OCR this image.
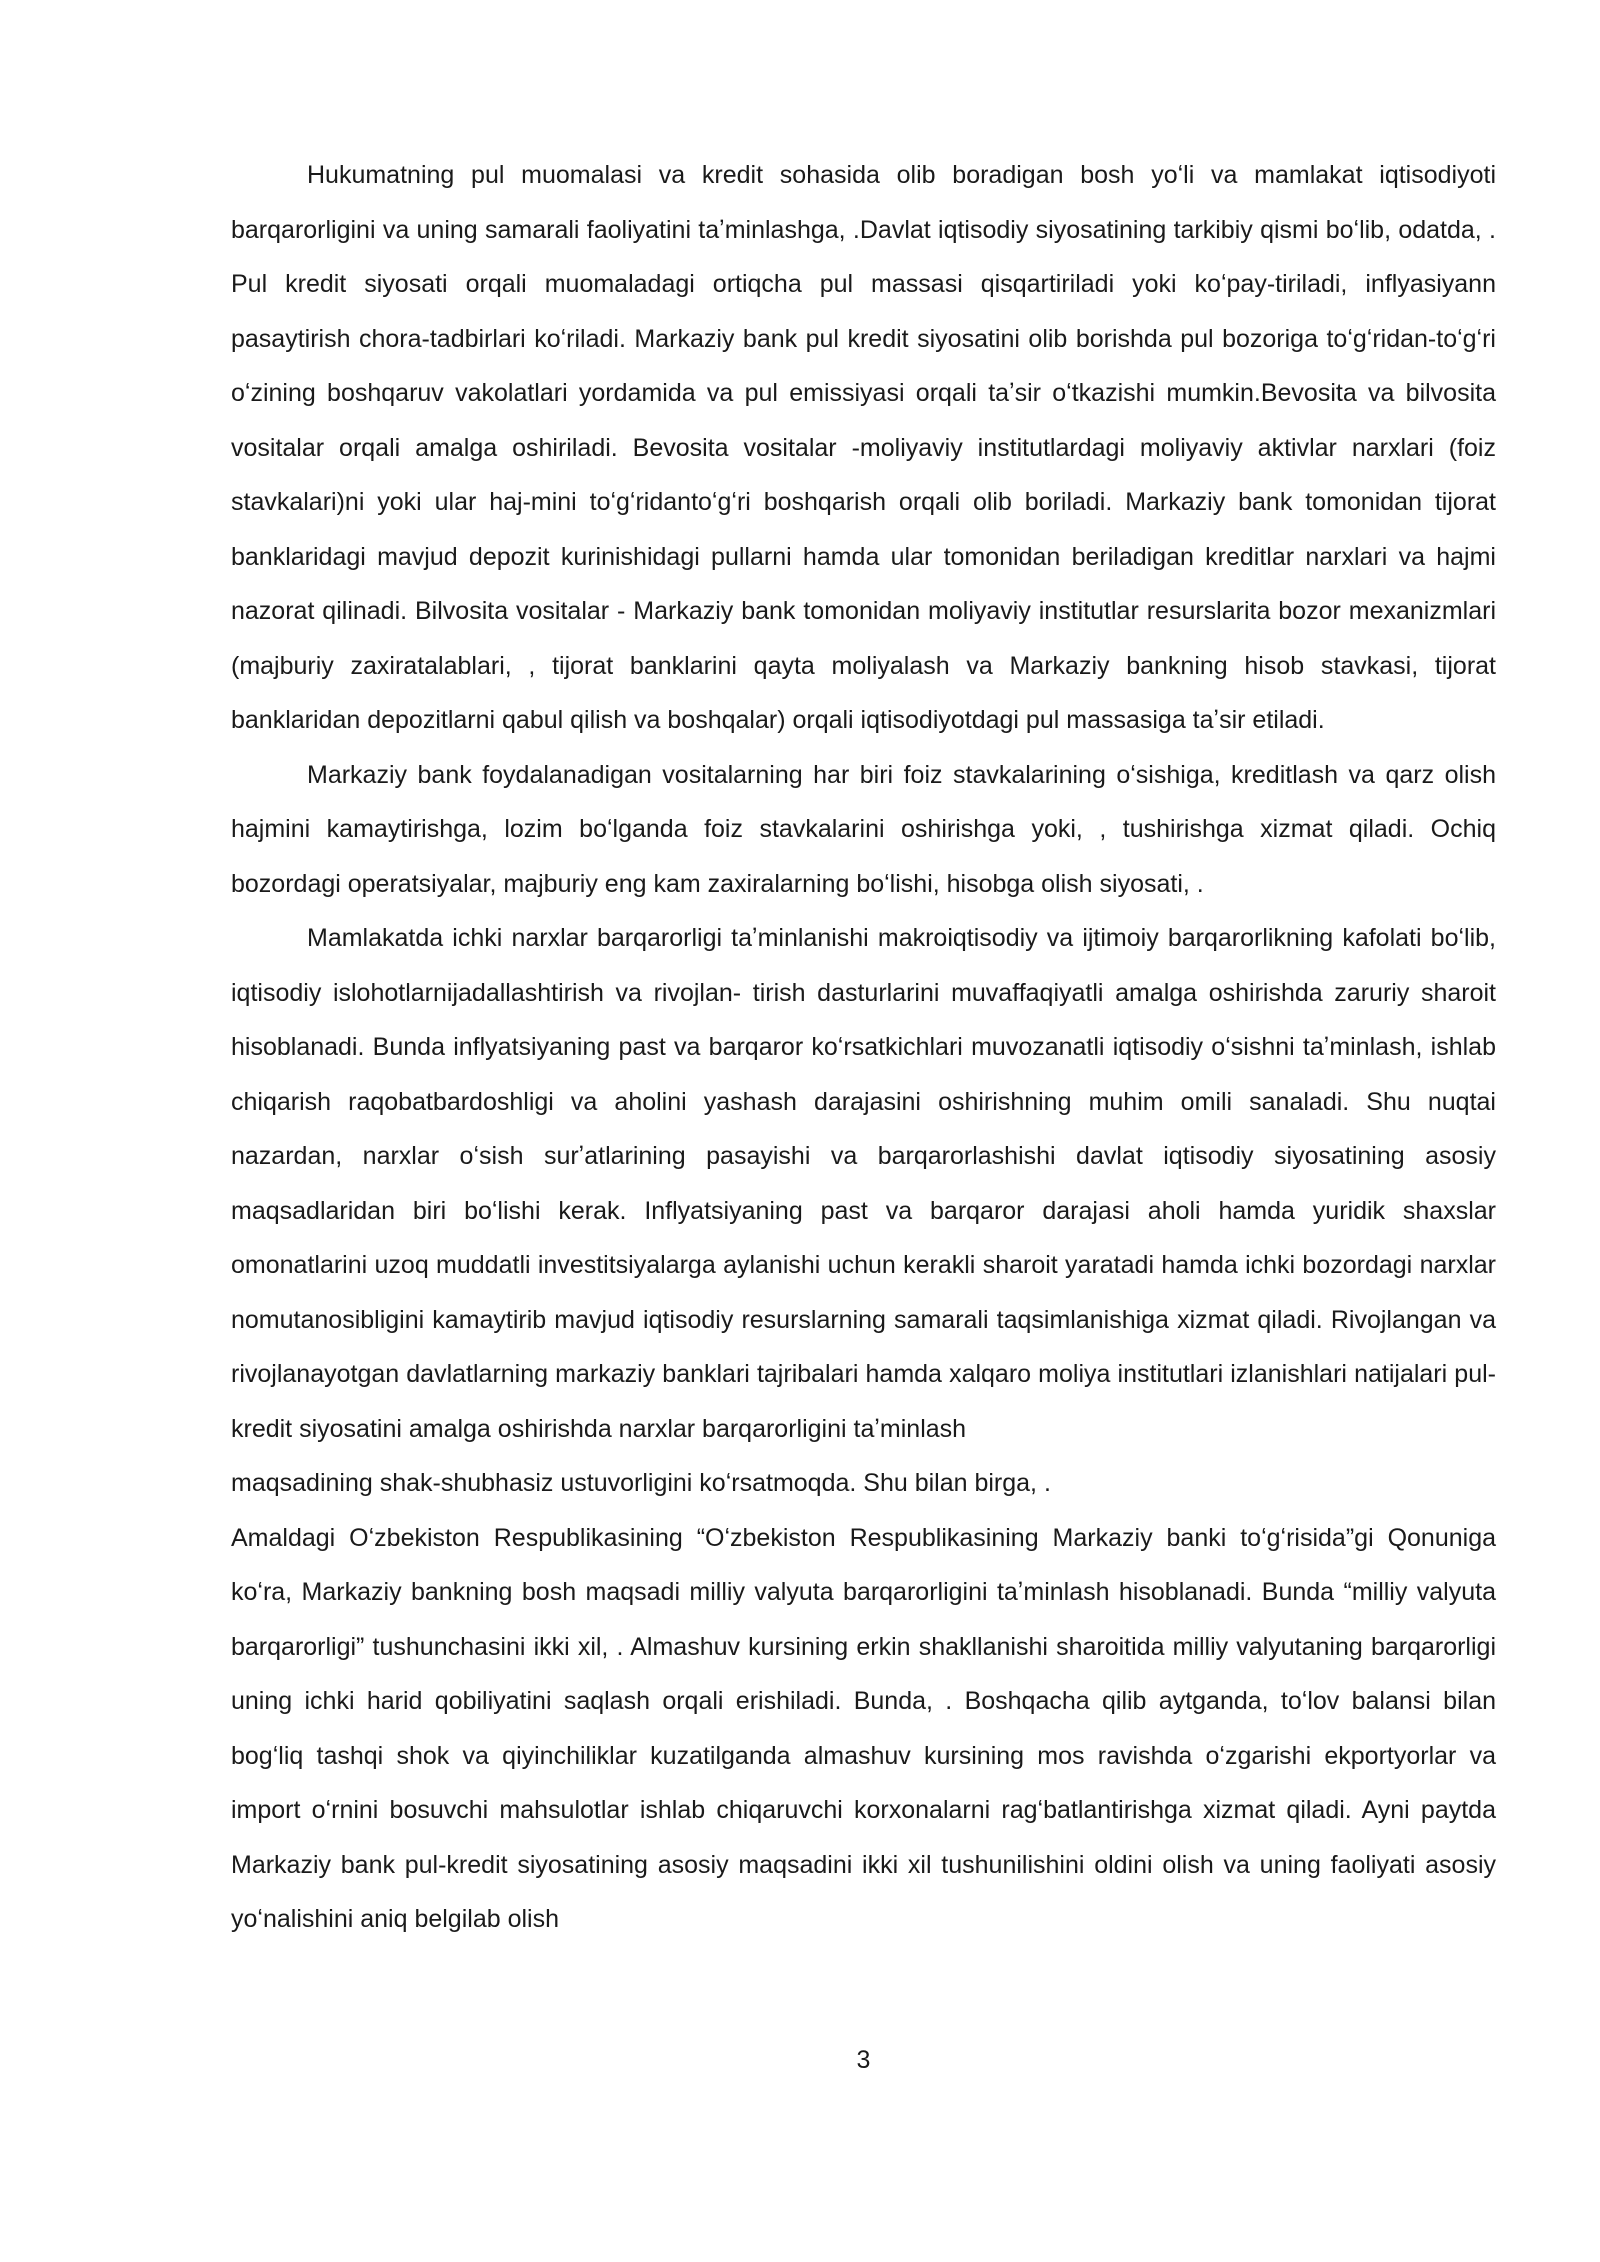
Hukumatning pul muomalasi va kredit sohasida olib boradigan bosh yoʻli va mamlakat iqtisodiyoti barqarorligini va uning samarali faoliyatini taʼminlashga, .Davlat iqtisodiy siyosatining tarkibiy qismi boʻlib, odatda, . Pul kredit siyosati orqali muomaladagi ortiqcha pul massasi qisqartiriladi yoki koʻpay-tiriladi, inflyasiyann pasaytirish chora-tadbirlari koʻriladi. Markaziy bank pul kredit siyosatini olib borishda pul bozoriga toʻgʻridan-toʻgʻri oʻzining boshqaruv vakolatlari yordamida va pul emissiyasi orqali taʼsir oʻtkazishi mumkin.Bevosita va bilvosita vositalar orqali amalga oshiriladi. Bevosita vositalar -moliyaviy institutlardagi moliyaviy aktivlar narxlari (foiz stavkalari)ni yoki ular haj-mini toʻgʻridantoʻgʻri boshqarish orqali olib boriladi. Markaziy bank tomonidan tijorat banklaridagi mavjud depozit kurinishidagi pullarni hamda ular tomonidan beriladigan kreditlar narxlari va hajmi nazorat qilinadi. Bilvosita vositalar - Markaziy bank tomonidan moliyaviy institutlar resurslarita bozor mexanizmlari (majburiy zaxiratalablari, , tijorat banklarini qayta moliyalash va Markaziy bankning hisob stavkasi, tijorat banklaridan depozitlarni qabul qilish va boshqalar) orqali iqtisodiyotdagi pul massasiga taʼsir etiladi.

Markaziy bank foydalanadigan vositalarning har biri foiz stavkalarining oʻsishiga, kreditlash va qarz olish hajmini kamaytirishga, lozim boʻlganda foiz stavkalarini oshirishga yoki, , tushirishga xizmat qiladi. Ochiq bozordagi operatsiyalar, majburiy eng kam zaxiralarning boʻlishi, hisobga olish siyosati, .

Mamlakatda ichki narxlar barqarorligi taʼminlanishi makroiqtisodiy va ijtimoiy barqarorlikning kafolati boʻlib, iqtisodiy islohotlarnijadallashtirish va rivojlan- tirish dasturlarini muvaffaqiyatli amalga oshirishda zaruriy sharoit hisoblanadi. Bunda inflyatsiyaning past va barqaror koʻrsatkichlari muvozanatli iqtisodiy oʻsishni taʼminlash, ishlab chiqarish raqobatbardoshligi va aholini yashash darajasini oshirishning muhim omili sanaladi. Shu nuqtai nazardan, narxlar oʻsish surʼatlarining pasayishi va barqarorlashishi davlat iqtisodiy siyosatining asosiy maqsadlaridan biri boʻlishi kerak. Inflyatsiyaning past va barqaror darajasi aholi hamda yuridik shaxslar omonatlarini uzoq muddatli investitsiyalarga aylanishi uchun kerakli sharoit yaratadi hamda ichki bozordagi narxlar nomutanosibligini kamaytirib mavjud iqtisodiy resurslarning samarali taqsimlanishiga xizmat qiladi. Rivojlangan va rivojlanayotgan davlatlarning markaziy banklari tajribalari hamda xalqaro moliya institutlari izlanishlari natijalari pul-kredit siyosatini amalga oshirishda narxlar barqarorligini taʼminlash

maqsadining shak-shubhasiz ustuvorligini koʻrsatmoqda. Shu bilan birga, .

Amaldagi Oʻzbekiston Respublikasining “Oʻzbekiston Respublikasining Markaziy banki toʻgʻrisida”gi Qonuniga koʻra, Markaziy bankning bosh maqsadi milliy valyuta barqarorligini taʼminlash hisoblanadi. Bunda “milliy valyuta barqarorligi” tushunchasini ikki xil, . Almashuv kursining erkin shakllanishi sharoitida milliy valyutaning barqarorligi uning ichki harid qobiliyatini saqlash orqali erishiladi. Bunda, . Boshqacha qilib aytganda, toʻlov balansi bilan bogʻliq tashqi shok va qiyinchiliklar kuzatilganda almashuv kursining mos ravishda oʻzgarishi ekportyorlar va import oʻrnini bosuvchi mahsulotlar ishlab chiqaruvchi korxonalarni ragʻbatlantirishga xizmat qiladi. Ayni paytda Markaziy bank pul-kredit siyosatining asosiy maqsadini ikki xil tushunilishini oldini olish va uning faoliyati asosiy yoʻnalishini aniq belgilab olish

3
